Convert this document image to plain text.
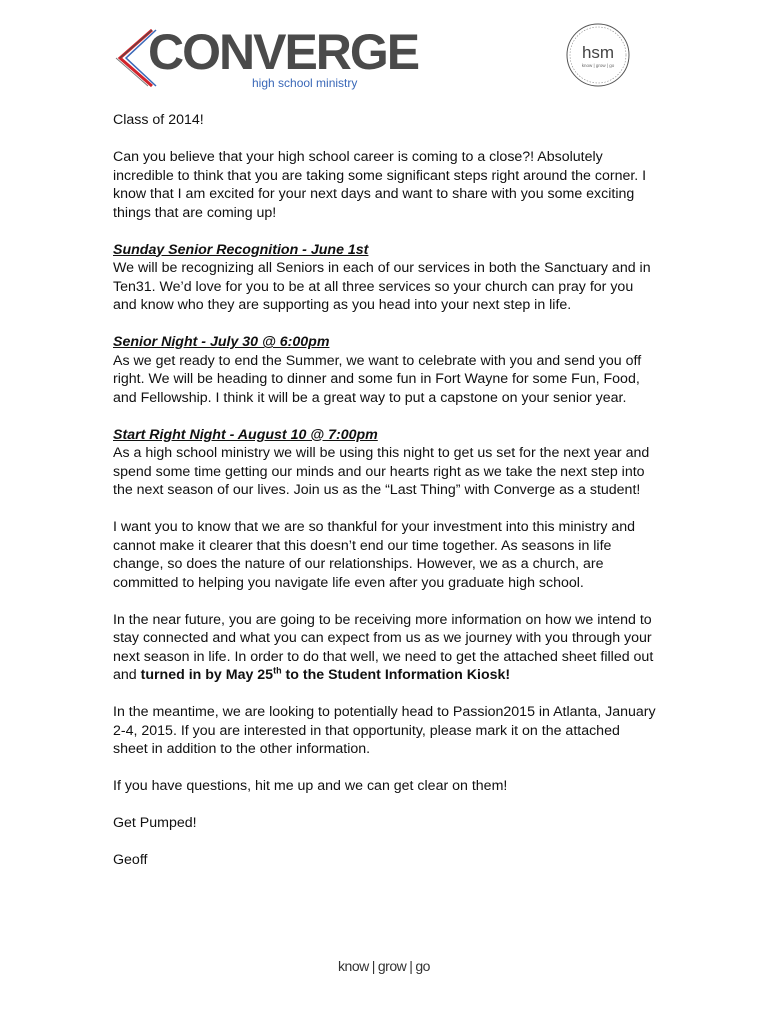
CONVERGE
high school ministry
hsm
know | grow | go

Class of 2014!

Can you believe that your high school career is coming to a close?! Absolutely incredible to think that you are taking some significant steps right around the corner. I know that I am excited for your next days and want to share with you some exciting things that are coming up!

Sunday Senior Recognition - June 1st
We will be recognizing all Seniors in each of our services in both the Sanctuary and in Ten31. We’d love for you to be at all three services so your church can pray for you and know who they are supporting as you head into your next step in life.

Senior Night - July 30 @ 6:00pm
As we get ready to end the Summer, we want to celebrate with you and send you off right. We will be heading to dinner and some fun in Fort Wayne for some Fun, Food, and Fellowship. I think it will be a great way to put a capstone on your senior year.

Start Right Night - August 10 @ 7:00pm
As a high school ministry we will be using this night to get us set for the next year and spend some time getting our minds and our hearts right as we take the next step into the next season of our lives. Join us as the “Last Thing” with Converge as a student!

I want you to know that we are so thankful for your investment into this ministry and cannot make it clearer that this doesn’t end our time together. As seasons in life change, so does the nature of our relationships. However, we as a church, are committed to helping you navigate life even after you graduate high school.

In the near future, you are going to be receiving more information on how we intend to stay connected and what you can expect from us as we journey with you through your next season in life. In order to do that well, we need to get the attached sheet filled out and turned in by May 25th to the Student Information Kiosk!

In the meantime, we are looking to potentially head to Passion2015 in Atlanta, January 2-4, 2015. If you are interested in that opportunity, please mark it on the attached sheet in addition to the other information.

If you have questions, hit me up and we can get clear on them!

Get Pumped!

Geoff

know | grow | go
